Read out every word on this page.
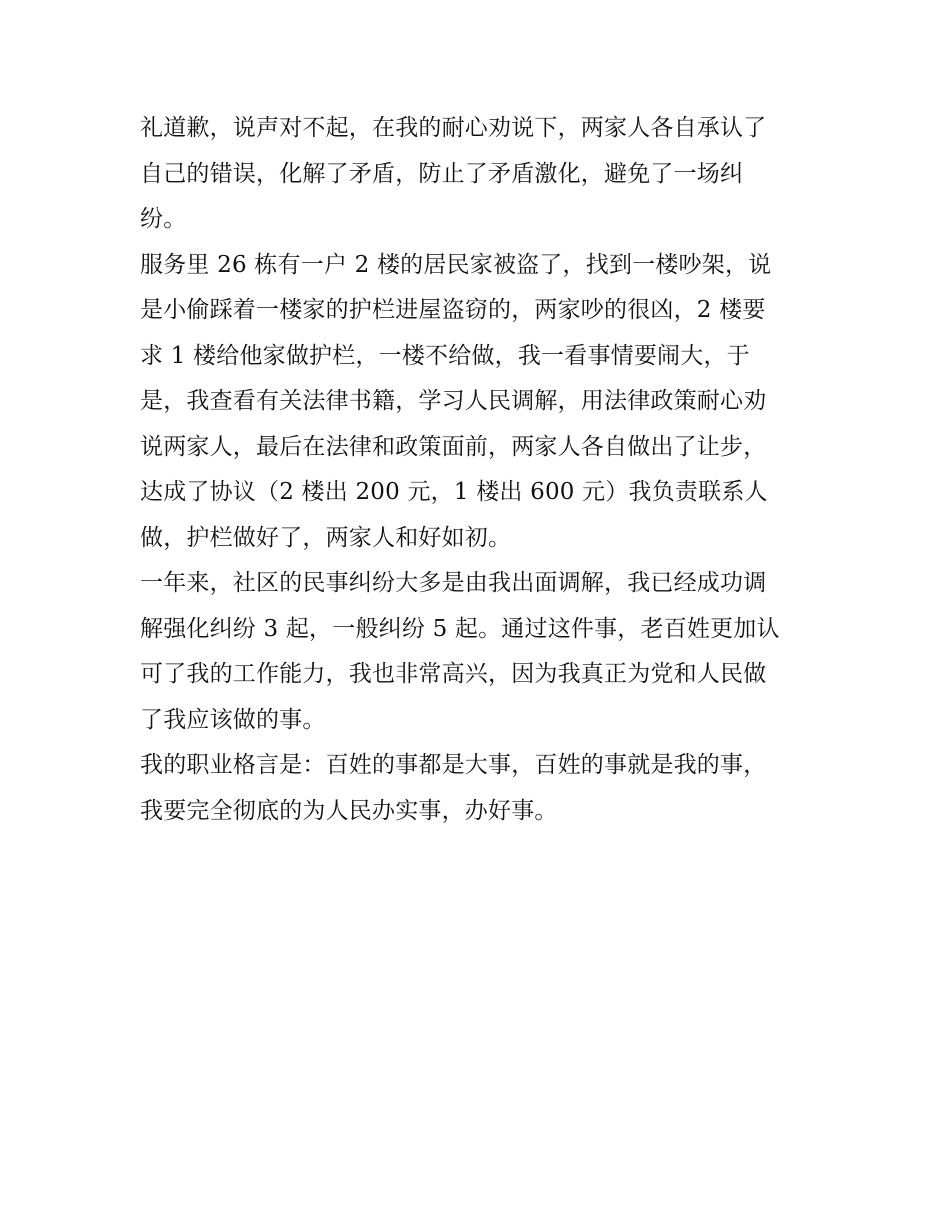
礼道歉，说声对不起，在我的耐心劝说下，两家人各自承认了
自己的错误，化解了矛盾，防止了矛盾激化，避免了一场纠
纷。
服务里 26 栋有一户 2 楼的居民家被盗了，找到一楼吵架，说
是小偷踩着一楼家的护栏进屋盗窃的，两家吵的很凶，2 楼要
求 1 楼给他家做护栏，一楼不给做，我一看事情要闹大，于
是，我查看有关法律书籍，学习人民调解，用法律政策耐心劝
说两家人，最后在法律和政策面前，两家人各自做出了让步，
达成了协议（2 楼出 200 元，1 楼出 600 元）我负责联系人
做，护栏做好了，两家人和好如初。
一年来，社区的民事纠纷大多是由我出面调解，我已经成功调
解强化纠纷 3 起，一般纠纷 5 起。通过这件事，老百姓更加认
可了我的工作能力，我也非常高兴，因为我真正为党和人民做
了我应该做的事。
我的职业格言是：百姓的事都是大事，百姓的事就是我的事，
我要完全彻底的为人民办实事，办好事。
